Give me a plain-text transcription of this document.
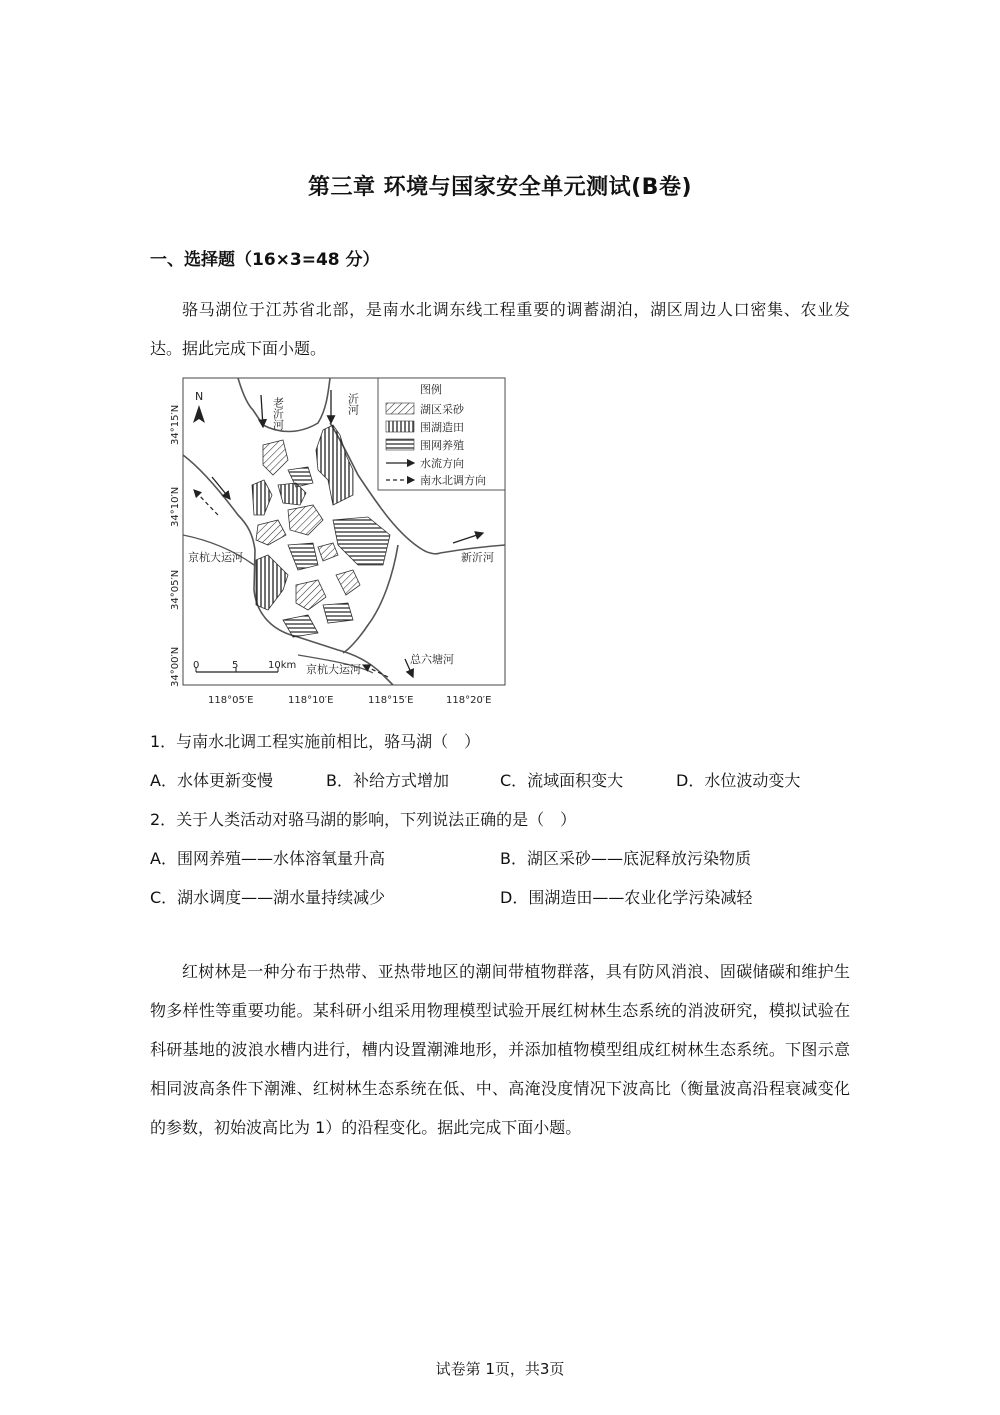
第三章 环境与国家安全单元测试(B卷)
一、选择题（16×3=48 分）
骆马湖位于江苏省北部，是南水北调东线工程重要的调蓄湖泊，湖区周边人口密集、农业发达。据此完成下面小题。
N
图例
湖区采砂
围湖造田
围网养殖
水流方向
南水北调方向
老沂河	沂河
新沂河
京杭大运河
京杭大运河
总六塘河
0	5	10km
34°15′N
34°10′N
34°05′N
34°00′N
118°05′E	118°10′E	118°15′E	118°20′E
1．与南水北调工程实施前相比，骆马湖（　）
A．水体更新变慢	B．补给方式增加	C．流域面积变大	D．水位波动变大
2．关于人类活动对骆马湖的影响，下列说法正确的是（　）
A．围网养殖——水体溶氧量升高	B．湖区采砂——底泥释放污染物质
C．湖水调度——湖水量持续减少	D．围湖造田——农业化学污染减轻
红树林是一种分布于热带、亚热带地区的潮间带植物群落，具有防风消浪、固碳储碳和维护生物多样性等重要功能。某科研小组采用物理模型试验开展红树林生态系统的消波研究，模拟试验在科研基地的波浪水槽内进行，槽内设置潮滩地形，并添加植物模型组成红树林生态系统。下图示意相同波高条件下潮滩、红树林生态系统在低、中、高淹没度情况下波高比（衡量波高沿程衰减变化的参数，初始波高比为 1）的沿程变化。据此完成下面小题。
试卷第 1页，共3页
